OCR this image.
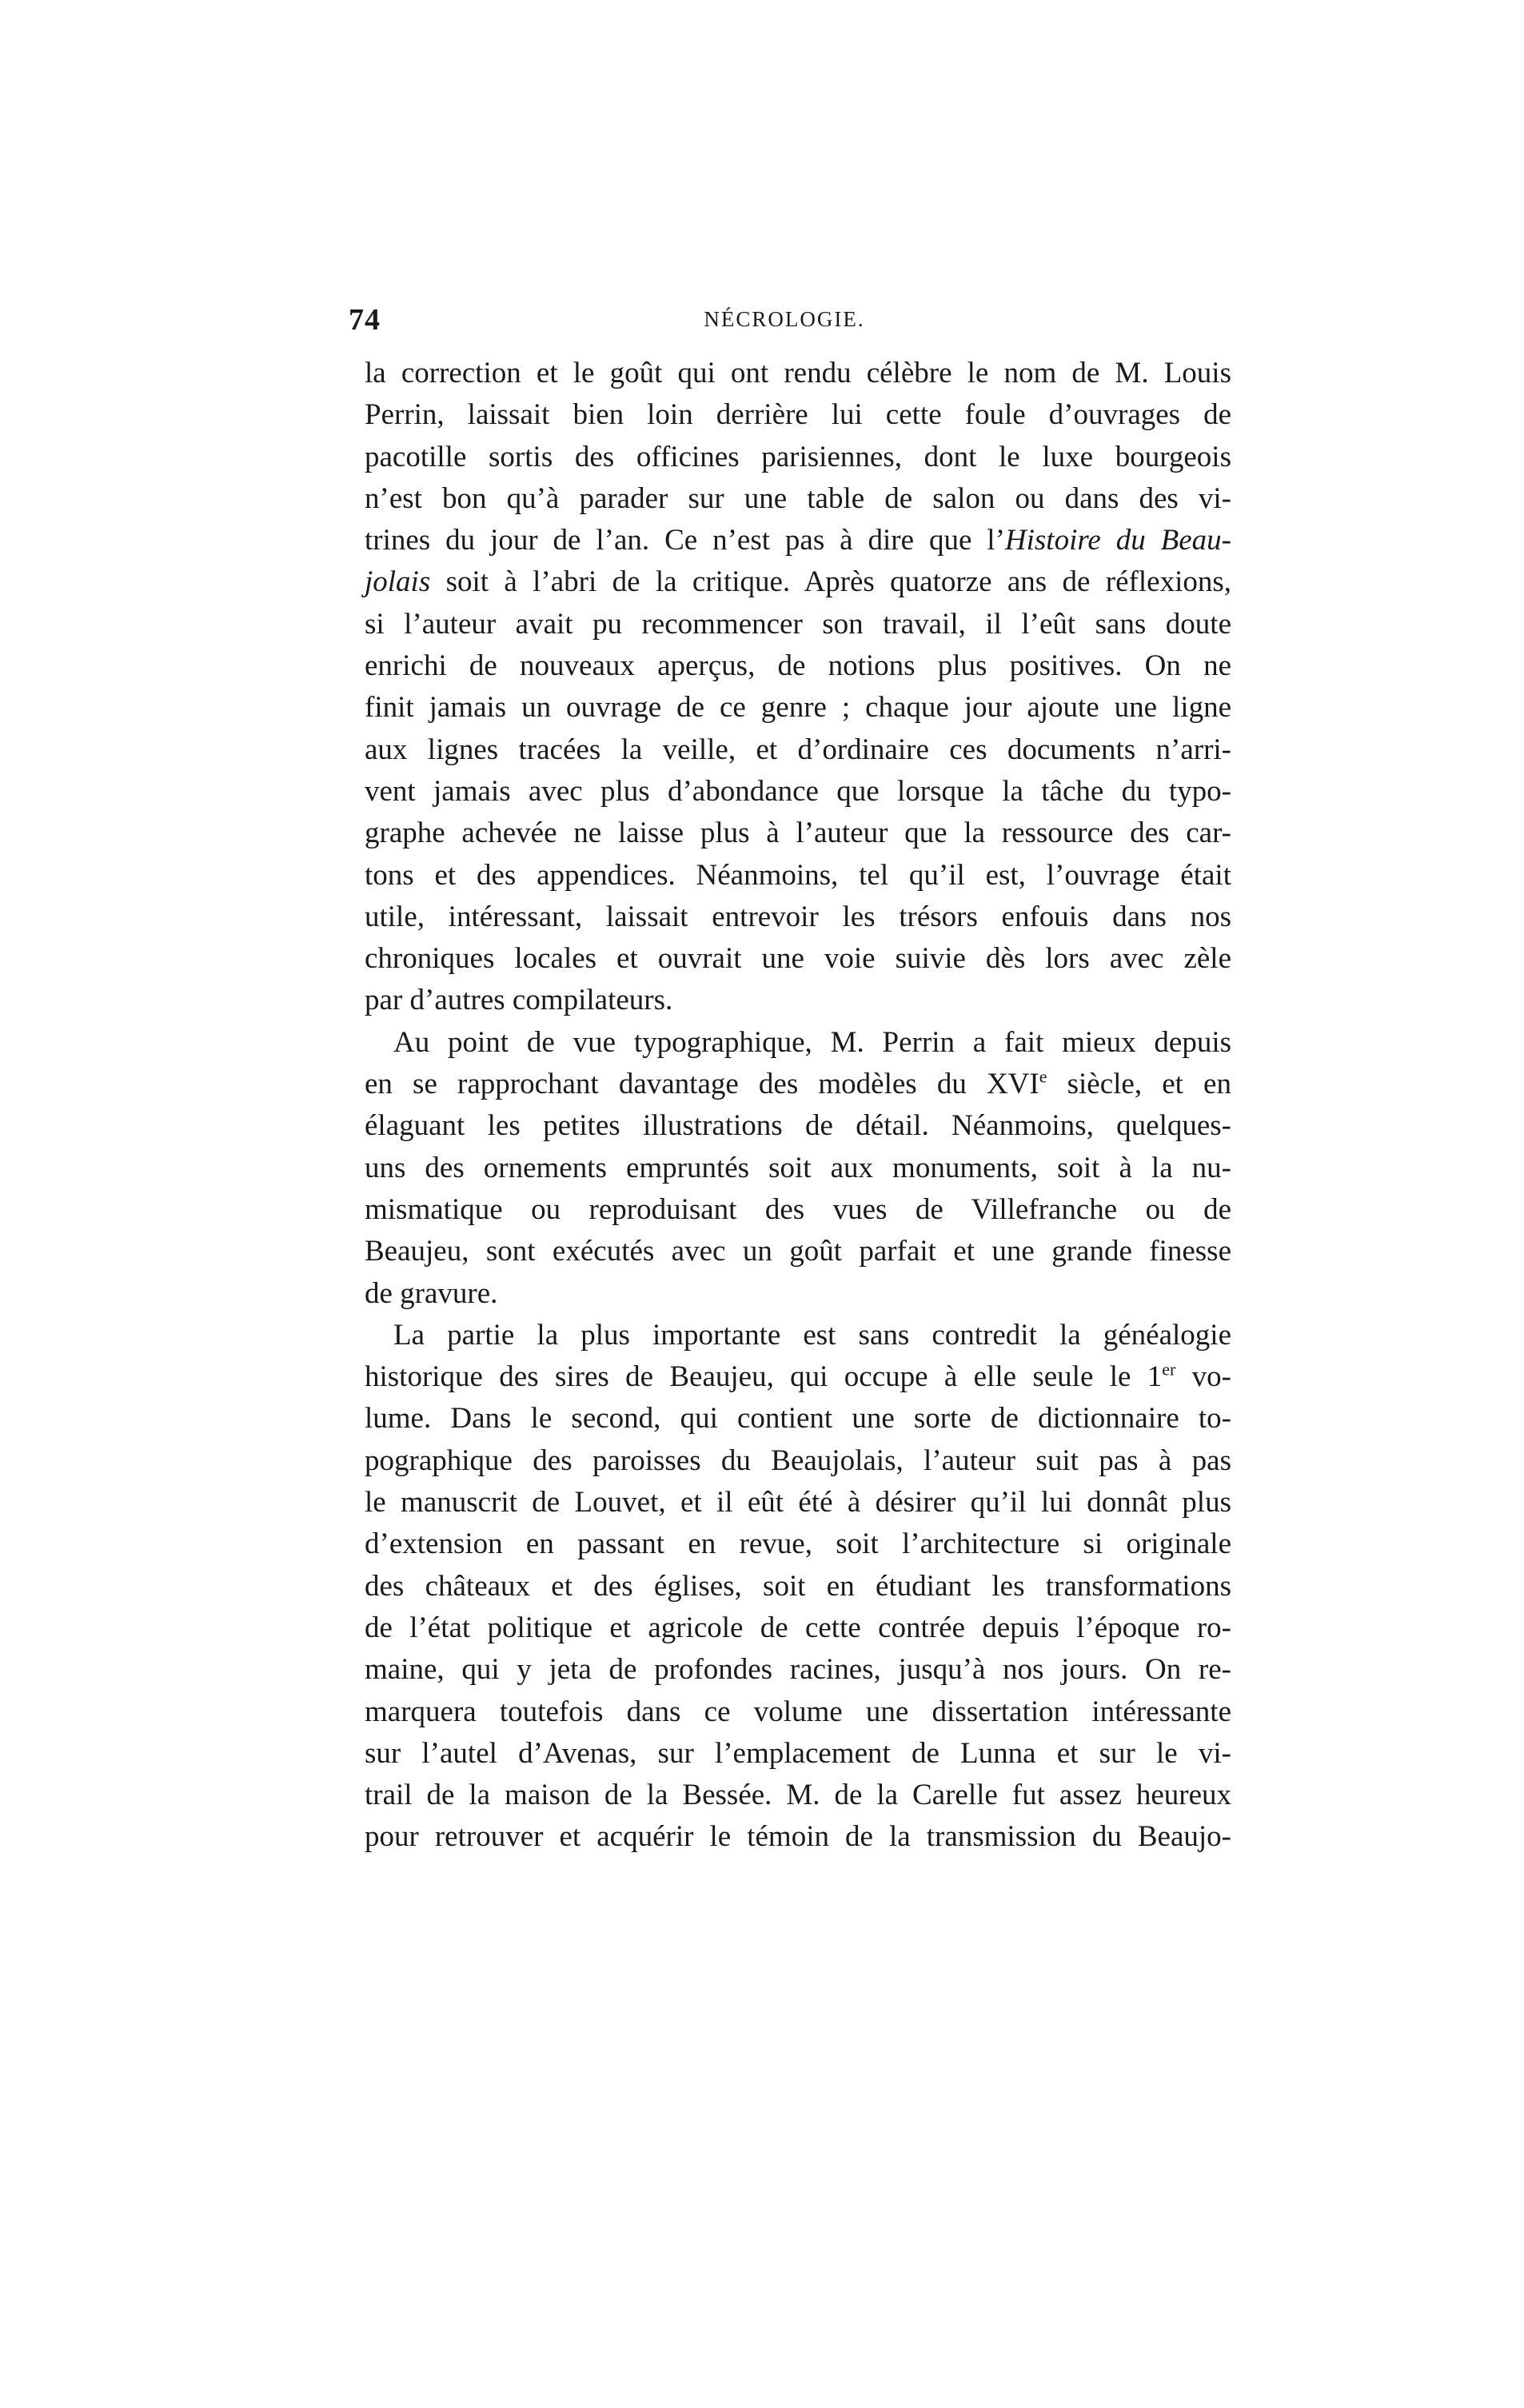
74	NÉCROLOGIE.
la correction et le goût qui ont rendu célèbre le nom de M. Louis
Perrin, laissait bien loin derrière lui cette foule d’ouvrages de
pacotille sortis des officines parisiennes, dont le luxe bourgeois
n’est bon qu’à parader sur une table de salon ou dans des vi-
trines du jour de l’an. Ce n’est pas à dire que l’Histoire du Beau-
jolais soit à l’abri de la critique. Après quatorze ans de réflexions,
si l’auteur avait pu recommencer son travail, il l’eût sans doute
enrichi de nouveaux aperçus, de notions plus positives. On ne
finit jamais un ouvrage de ce genre ; chaque jour ajoute une ligne
aux lignes tracées la veille, et d’ordinaire ces documents n’arri-
vent jamais avec plus d’abondance que lorsque la tâche du typo-
graphe achevée ne laisse plus à l’auteur que la ressource des car-
tons et des appendices. Néanmoins, tel qu’il est, l’ouvrage était
utile, intéressant, laissait entrevoir les trésors enfouis dans nos
chroniques locales et ouvrait une voie suivie dès lors avec zèle
par d’autres compilateurs.
Au point de vue typographique, M. Perrin a fait mieux depuis
en se rapprochant davantage des modèles du XVIe siècle, et en
élaguant les petites illustrations de détail. Néanmoins, quelques-
uns des ornements empruntés soit aux monuments, soit à la nu-
mismatique ou reproduisant des vues de Villefranche ou de
Beaujeu, sont exécutés avec un goût parfait et une grande finesse
de gravure.
La partie la plus importante est sans contredit la généalogie
historique des sires de Beaujeu, qui occupe à elle seule le 1er vo-
lume. Dans le second, qui contient une sorte de dictionnaire to-
pographique des paroisses du Beaujolais, l’auteur suit pas à pas
le manuscrit de Louvet, et il eût été à désirer qu’il lui donnât plus
d’extension en passant en revue, soit l’architecture si originale
des châteaux et des églises, soit en étudiant les transformations
de l’état politique et agricole de cette contrée depuis l’époque ro-
maine, qui y jeta de profondes racines, jusqu’à nos jours. On re-
marquera toutefois dans ce volume une dissertation intéressante
sur l’autel d’Avenas, sur l’emplacement de Lunna et sur le vi-
trail de la maison de la Bessée. M. de la Carelle fut assez heureux
pour retrouver et acquérir le témoin de la transmission du Beaujo-
